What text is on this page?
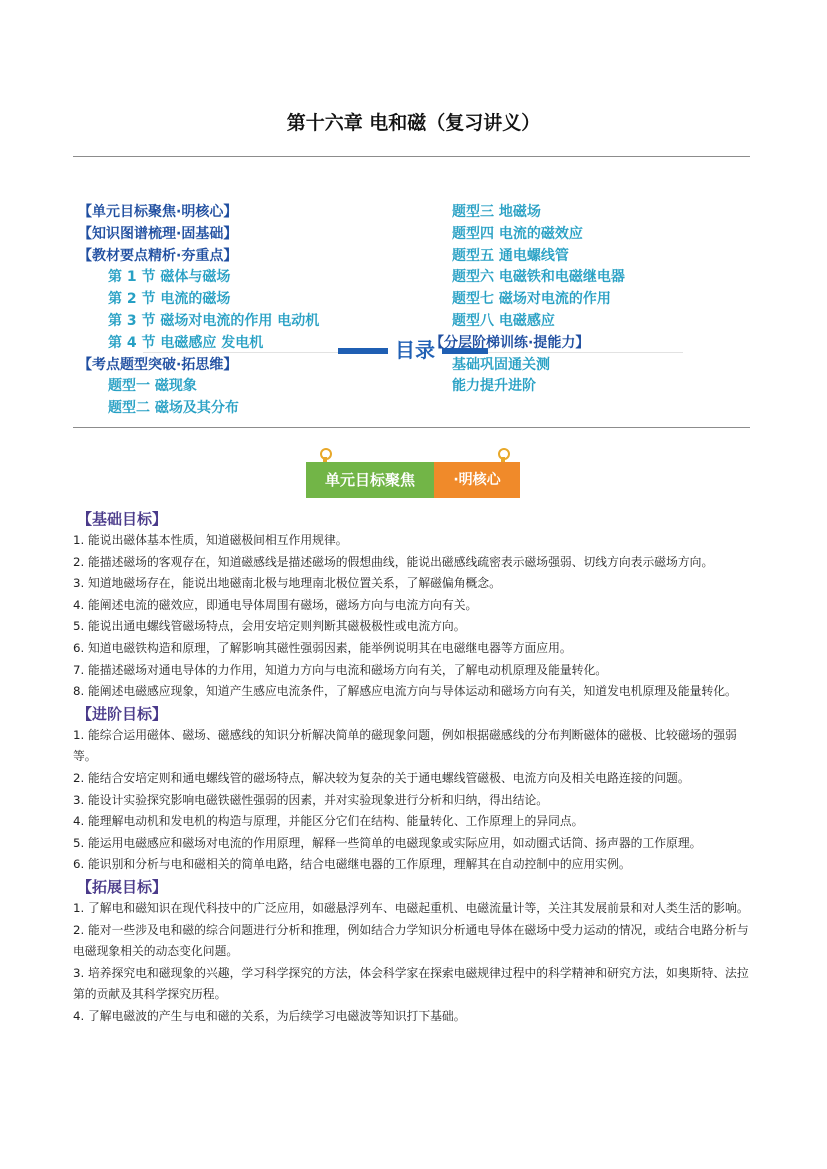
第十六章 电和磁（复习讲义）
目录
【单元目标聚焦·明核心】
【知识图谱梳理·固基础】
【教材要点精析·夯重点】
第 1 节 磁体与磁场
第 2 节 电流的磁场
第 3 节 磁场对电流的作用 电动机
第 4 节 电磁感应 发电机
【考点题型突破·拓思维】
题型一 磁现象
题型二 磁场及其分布
题型三 地磁场
题型四 电流的磁效应
题型五 通电螺线管
题型六 电磁铁和电磁继电器
题型七 磁场对电流的作用
题型八 电磁感应
【分层阶梯训练·提能力】
基础巩固通关测
能力提升进阶
单元目标聚焦	·明核心
【基础目标】
1. 能说出磁体基本性质，知道磁极间相互作用规律。
2. 能描述磁场的客观存在，知道磁感线是描述磁场的假想曲线，能说出磁感线疏密表示磁场强弱、切线方向表示磁场方向。
3. 知道地磁场存在，能说出地磁南北极与地理南北极位置关系，了解磁偏角概念。
4. 能阐述电流的磁效应，即通电导体周围有磁场，磁场方向与电流方向有关。
5. 能说出通电螺线管磁场特点，会用安培定则判断其磁极极性或电流方向。
6. 知道电磁铁构造和原理，了解影响其磁性强弱因素，能举例说明其在电磁继电器等方面应用。
7. 能描述磁场对通电导体的力作用，知道力方向与电流和磁场方向有关，了解电动机原理及能量转化。
8. 能阐述电磁感应现象，知道产生感应电流条件，了解感应电流方向与导体运动和磁场方向有关，知道发电机原理及能量转化。
【进阶目标】
1. 能综合运用磁体、磁场、磁感线的知识分析解决简单的磁现象问题，例如根据磁感线的分布判断磁体的磁极、比较磁场的强弱等。
2. 能结合安培定则和通电螺线管的磁场特点，解决较为复杂的关于通电螺线管磁极、电流方向及相关电路连接的问题。
3. 能设计实验探究影响电磁铁磁性强弱的因素，并对实验现象进行分析和归纳，得出结论。
4. 能理解电动机和发电机的构造与原理，并能区分它们在结构、能量转化、工作原理上的异同点。
5. 能运用电磁感应和磁场对电流的作用原理，解释一些简单的电磁现象或实际应用，如动圈式话筒、扬声器的工作原理。
6. 能识别和分析与电和磁相关的简单电路，结合电磁继电器的工作原理，理解其在自动控制中的应用实例。
【拓展目标】
1. 了解电和磁知识在现代科技中的广泛应用，如磁悬浮列车、电磁起重机、电磁流量计等，关注其发展前景和对人类生活的影响。
2. 能对一些涉及电和磁的综合问题进行分析和推理，例如结合力学知识分析通电导体在磁场中受力运动的情况，或结合电路分析与电磁现象相关的动态变化问题。
3. 培养探究电和磁现象的兴趣，学习科学探究的方法，体会科学家在探索电磁规律过程中的科学精神和研究方法，如奥斯特、法拉第的贡献及其科学探究历程。
4. 了解电磁波的产生与电和磁的关系，为后续学习电磁波等知识打下基础。
